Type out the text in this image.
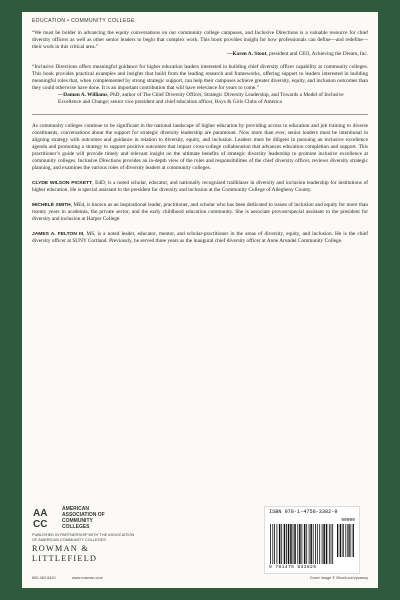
EDUCATION • COMMUNITY COLLEGE

“We must be bolder in advancing the equity conversations on our community college campuses, and Inclusive Directions is a valuable resource for chief diversity officers as well as other senior leaders to begin that complex work. This book provides insight for how professionals can define—and redefine—their work in this critical area.”

—Karen A. Stout, president and CEO, Achieving the Dream, Inc.

“Inclusive Directions offers meaningful guidance for higher education leaders interested in building chief diversity officer capability at community colleges. This book provides practical examples and insights that build from the leading research and frameworks, offering support to leaders interested in building meaningful roles that, when complemented by strong strategic support, can help their campuses achieve greater diversity, equity, and inclusion outcomes than they could otherwise have done. It is an important contribution that will have relevance for years to come.”

—Damon A. Williams, PhD, author of The Chief Diversity Officer, Strategic Diversity Leadership, and Towards a Model of Inclusive Excellence and Change; senior vice president and chief education officer, Boys & Girls Clubs of America

As community colleges continue to be significant in the national landscape of higher education by providing access to education and job training to diverse constituents, conversations about the support for strategic diversity leadership are paramount. Now more than ever, senior leaders must be intentional in aligning strategy with outcomes and guidance in relation to diversity, equity, and inclusion. Leaders must be diligent in pursuing an inclusive excellence agenda and promoting a strategy to support positive outcomes that impact cross-college collaboration that advances education completion and support. This practitioner’s guide will provide timely and relevant insight on the ultimate benefits of strategic diversity leadership to promote inclusive excellence at community colleges. Inclusive Directions provides an in-depth view of the roles and responsibilities of the chief diversity officer, reviews diversity strategic planning, and examines the various roles of diversity leaders at community colleges.

CLYDE WILSON PICKETT, EdD, is a noted scholar, educator, and nationally recognized trailblazer in diversity and inclusion leadership for institutions of higher education. He is special assistant to the president for diversity and inclusion at the Community College of Allegheny County.

MICHELÉ SMITH, MEd, is known as an inspirational leader, practitioner, and scholar who has been dedicated to issues of inclusion and equity for more than twenty years in academia, the private sector, and the early childhood education community. She is associate provost/special assistant to the president for diversity and inclusion at Harper College.

JAMES A. FELTON III, MS, is a noted leader, educator, mentor, and scholar-practitioner in the areas of diversity, equity, and inclusion. He is the chief diversity officer at SUNY Cortland. Previously, he served three years as the inaugural chief diversity officer at Anne Arundel Community College.

AA
CC
AMERICAN
ASSOCIATION OF
COMMUNITY
COLLEGES
PUBLISHED IN PARTNERSHIP WITH THE ASSOCIATION
OF AMERICAN COMMUNITY COLLEGES
ROWMAN &
LITTLEFIELD
ISBN 978-1-4758-3382-9
90000
9 781475 833829
800-462-6420	www.rowman.com	Cover image © iStock.com/prawny
